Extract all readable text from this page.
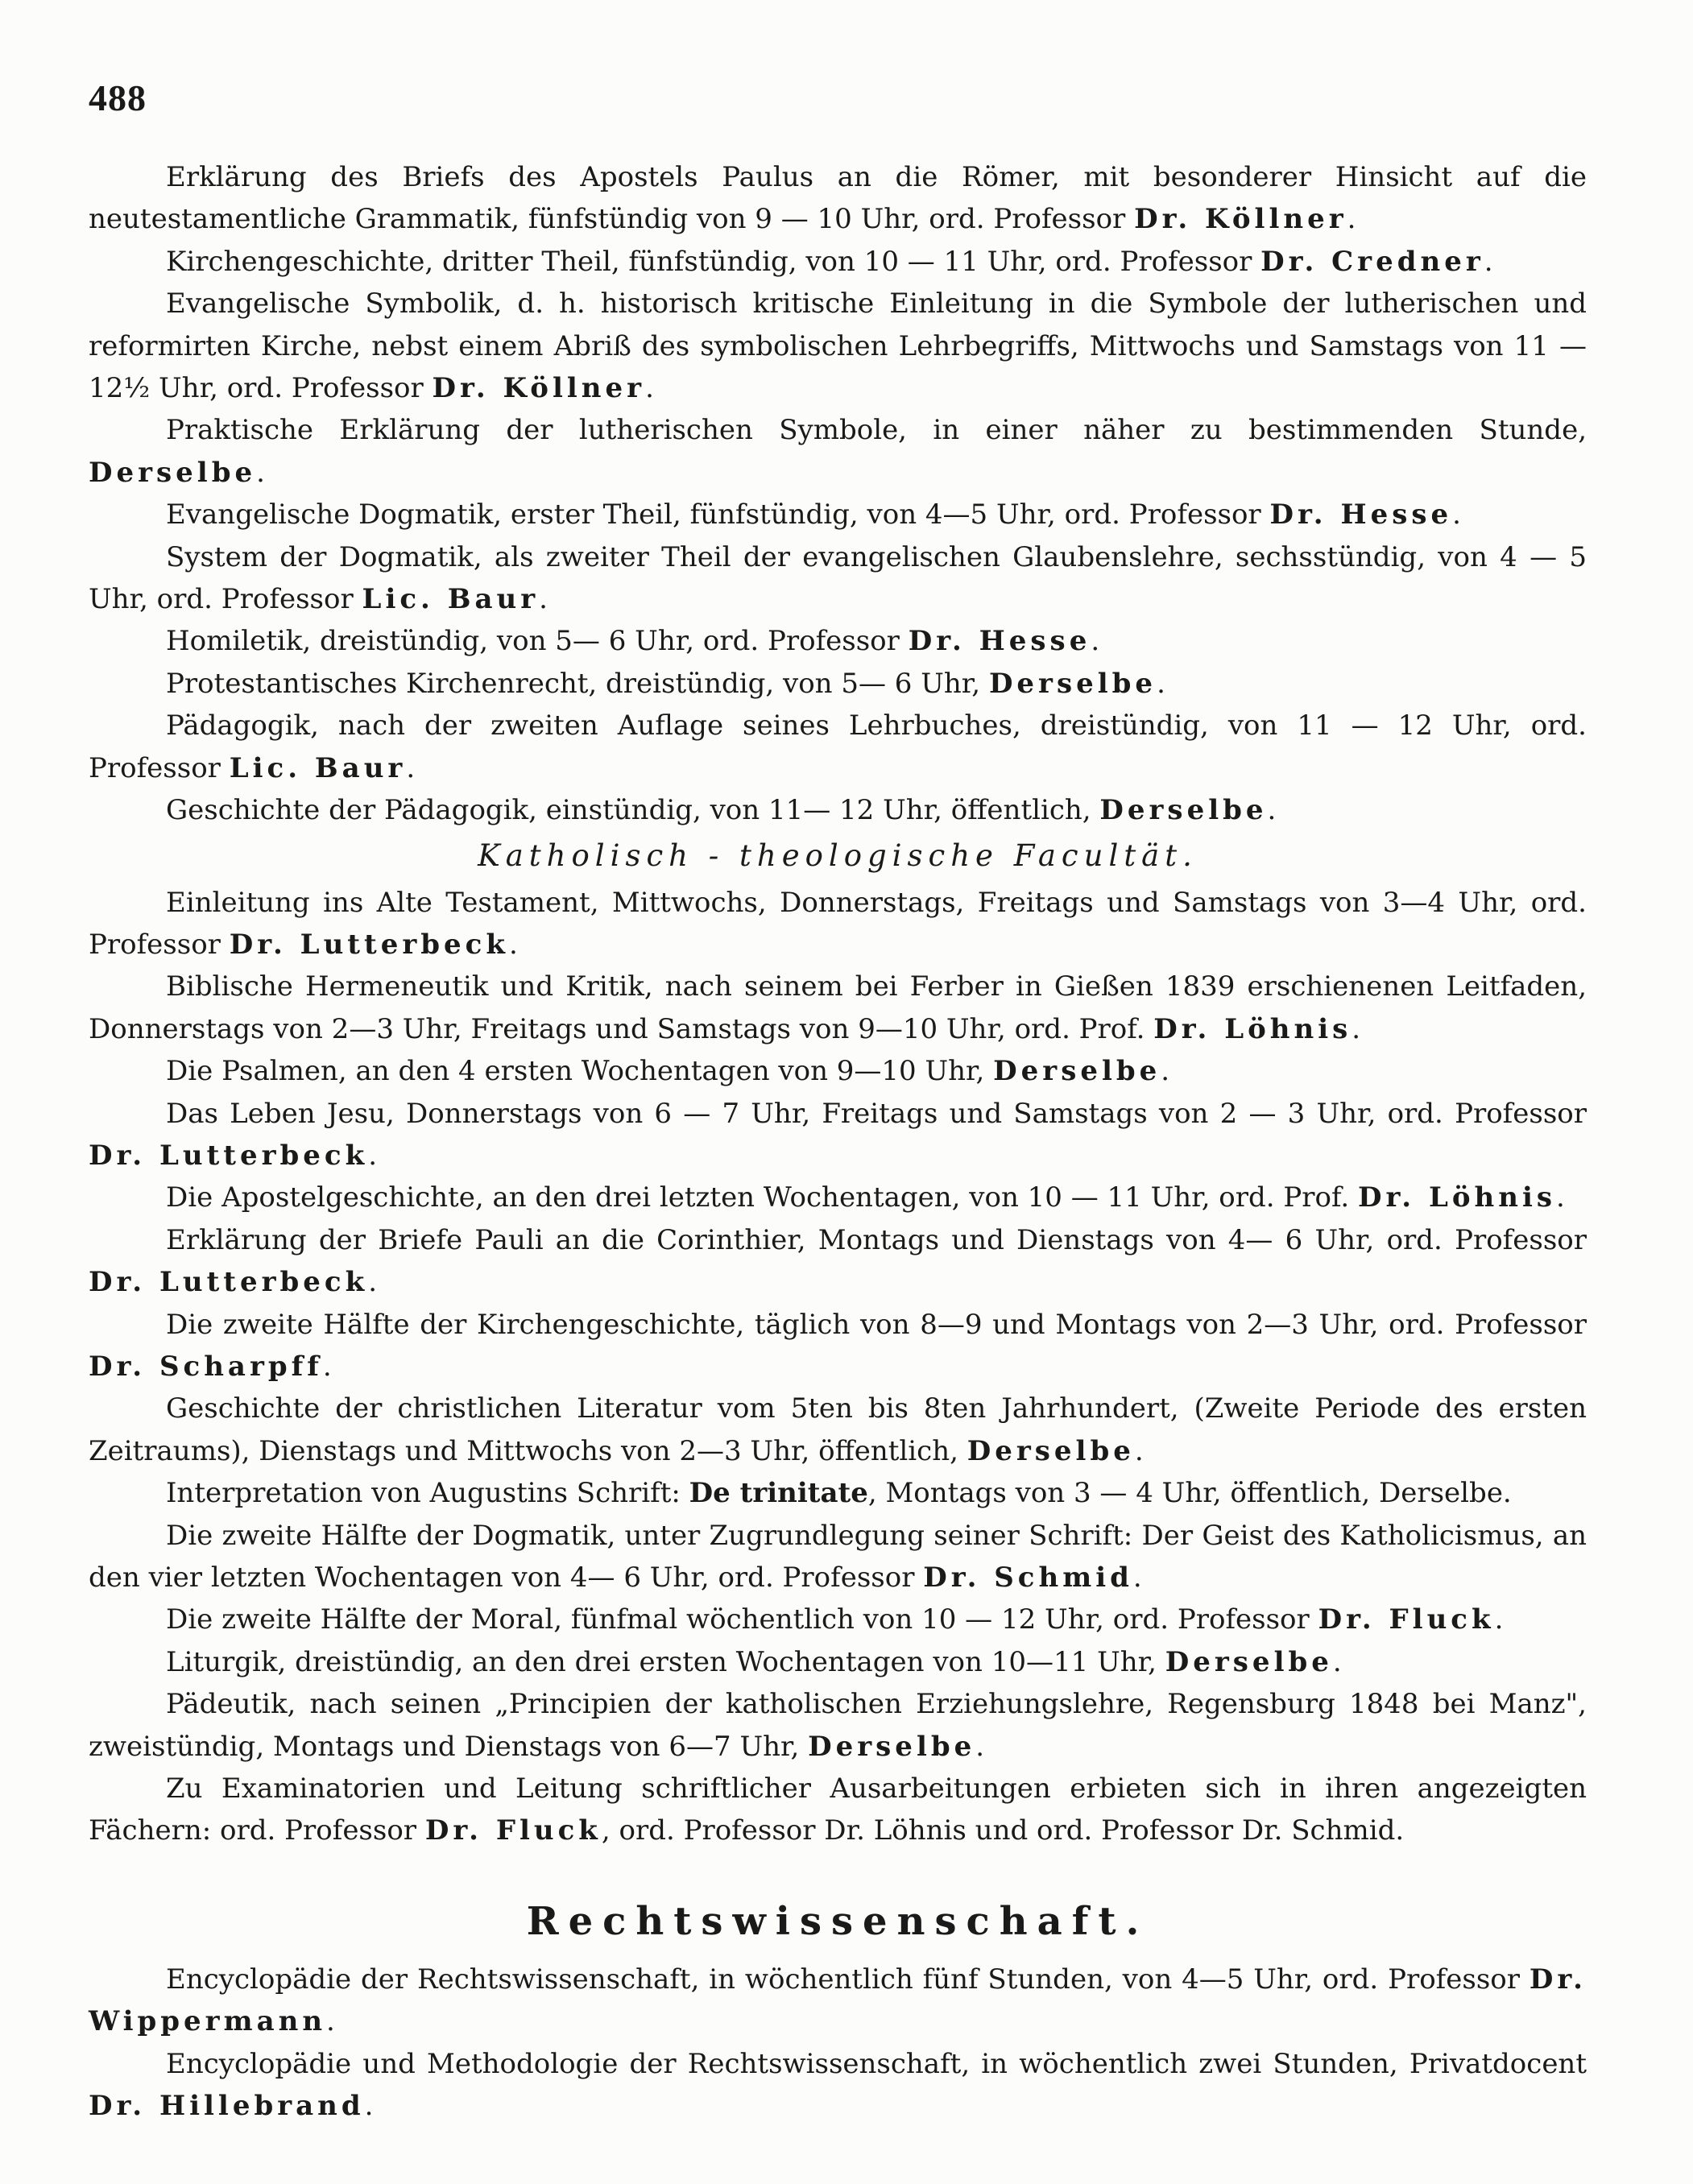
488

Erklärung des Briefs des Apostels Paulus an die Römer, mit besonderer Hinsicht auf die neutestamentliche Grammatik, fünfstündig von 9 — 10 Uhr, ord. Professor Dr. Köllner.

Kirchengeschichte, dritter Theil, fünfstündig, von 10 — 11 Uhr, ord. Professor Dr. Credner.

Evangelische Symbolik, d. h. historisch kritische Einleitung in die Symbole der lutherischen und reformirten Kirche, nebst einem Abriß des symbolischen Lehrbegriffs, Mittwochs und Samstags von 11 — 12½ Uhr, ord. Professor Dr. Köllner.

Praktische Erklärung der lutherischen Symbole, in einer näher zu bestimmenden Stunde, Derselbe.

Evangelische Dogmatik, erster Theil, fünfstündig, von 4—5 Uhr, ord. Professor Dr. Hesse.

System der Dogmatik, als zweiter Theil der evangelischen Glaubenslehre, sechsstündig, von 4 — 5 Uhr, ord. Professor Lic. Baur.

Homiletik, dreistündig, von 5— 6 Uhr, ord. Professor Dr. Hesse.

Protestantisches Kirchenrecht, dreistündig, von 5— 6 Uhr, Derselbe.

Pädagogik, nach der zweiten Auflage seines Lehrbuches, dreistündig, von 11 — 12 Uhr, ord. Professor Lic. Baur.

Geschichte der Pädagogik, einstündig, von 11— 12 Uhr, öffentlich, Derselbe.

Katholisch - theologische Facultät.

Einleitung ins Alte Testament, Mittwochs, Donnerstags, Freitags und Samstags von 3—4 Uhr, ord. Professor Dr. Lutterbeck.

Biblische Hermeneutik und Kritik, nach seinem bei Ferber in Gießen 1839 erschienenen Leitfaden, Donnerstags von 2—3 Uhr, Freitags und Samstags von 9—10 Uhr, ord. Prof. Dr. Löhnis.

Die Psalmen, an den 4 ersten Wochentagen von 9—10 Uhr, Derselbe.

Das Leben Jesu, Donnerstags von 6 — 7 Uhr, Freitags und Samstags von 2 — 3 Uhr, ord. Professor Dr. Lutterbeck.

Die Apostelgeschichte, an den drei letzten Wochentagen, von 10 — 11 Uhr, ord. Prof. Dr. Löhnis.

Erklärung der Briefe Pauli an die Corinthier, Montags und Dienstags von 4— 6 Uhr, ord. Professor Dr. Lutterbeck.

Die zweite Hälfte der Kirchengeschichte, täglich von 8—9 und Montags von 2—3 Uhr, ord. Professor Dr. Scharpff.

Geschichte der christlichen Literatur vom 5ten bis 8ten Jahrhundert, (Zweite Periode des ersten Zeitraums), Dienstags und Mittwochs von 2—3 Uhr, öffentlich, Derselbe.

Interpretation von Augustins Schrift: De trinitate, Montags von 3 — 4 Uhr, öffentlich, Derselbe.

Die zweite Hälfte der Dogmatik, unter Zugrundlegung seiner Schrift: Der Geist des Katholicismus, an den vier letzten Wochentagen von 4— 6 Uhr, ord. Professor Dr. Schmid.

Die zweite Hälfte der Moral, fünfmal wöchentlich von 10 — 12 Uhr, ord. Professor Dr. Fluck.

Liturgik, dreistündig, an den drei ersten Wochentagen von 10—11 Uhr, Derselbe.

Pädeutik, nach seinen „Principien der katholischen Erziehungslehre, Regensburg 1848 bei Manz", zweistündig, Montags und Dienstags von 6—7 Uhr, Derselbe.

Zu Examinatorien und Leitung schriftlicher Ausarbeitungen erbieten sich in ihren angezeigten Fächern: ord. Professor Dr. Fluck, ord. Professor Dr. Löhnis und ord. Professor Dr. Schmid.

Rechtswissenschaft.

Encyclopädie der Rechtswissenschaft, in wöchentlich fünf Stunden, von 4—5 Uhr, ord. Professor Dr. Wippermann.

Encyclopädie und Methodologie der Rechtswissenschaft, in wöchentlich zwei Stunden, Privatdocent Dr. Hillebrand.
